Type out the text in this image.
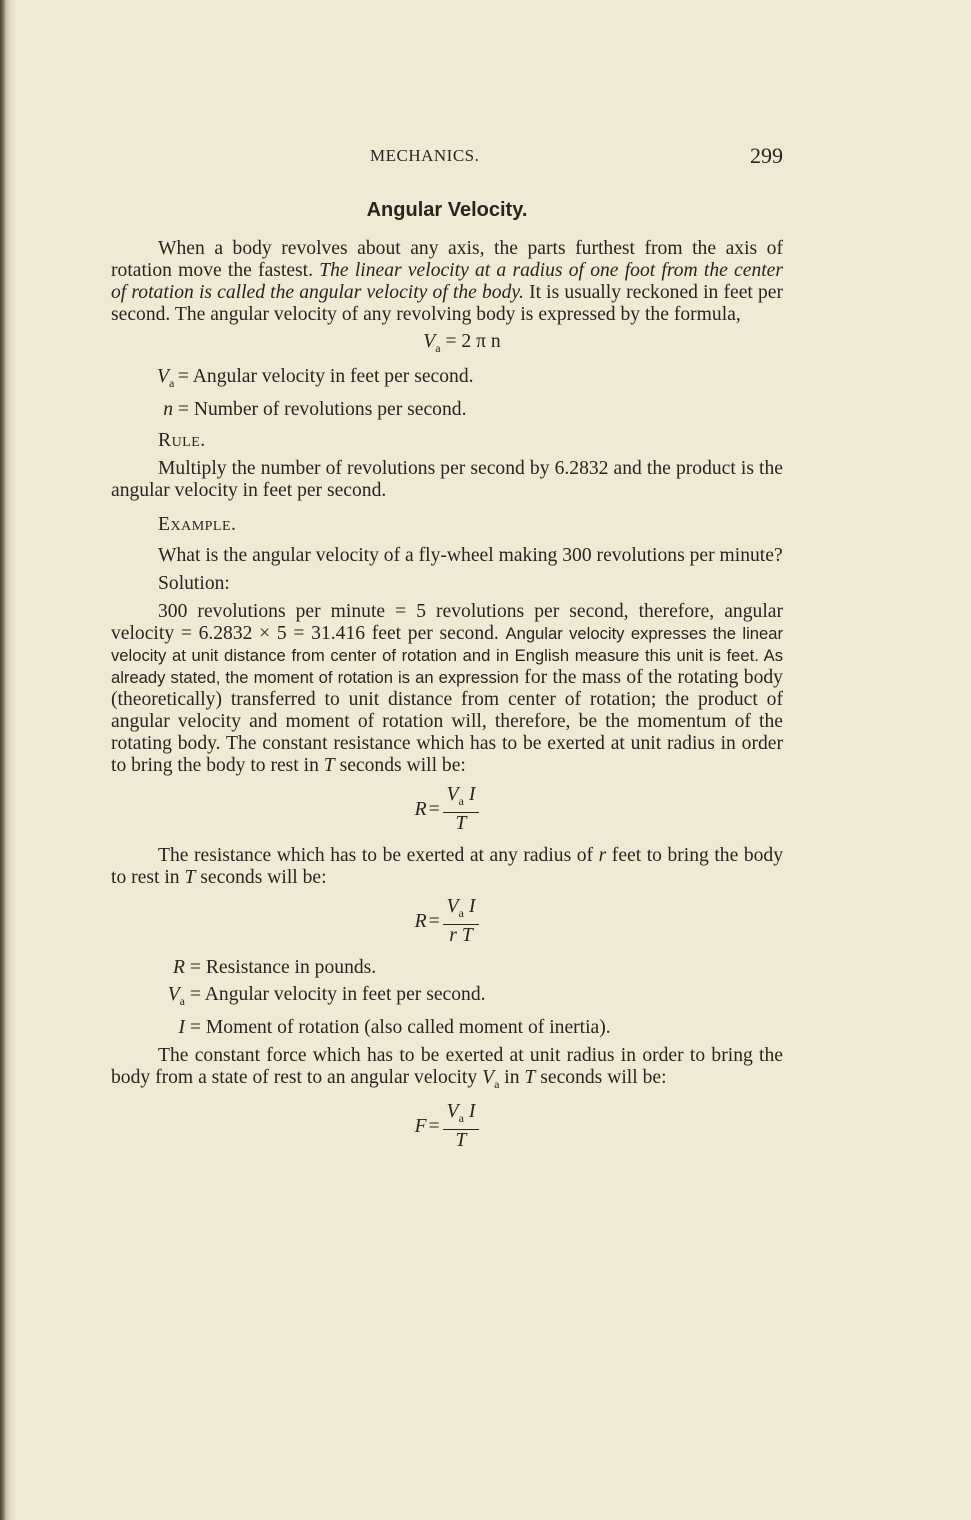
MECHANICS.	299
Angular Velocity.

When a body revolves about any axis, the parts furthest from the axis of rotation move the fastest. The linear velocity at a radius of one foot from the center of rotation is called the angular velocity of the body. It is usually reckoned in feet per second. The angular velocity of any revolving body is expressed by the formula,

$V_a = 2$ π n
$V_a$ = Angular velocity in feet per second.
n = Number of revolutions per second.

Rule.

Multiply the number of revolutions per second by 6.2832 and the product is the angular velocity in feet per second.

Example.

What is the angular velocity of a fly-wheel making 300 revolutions per minute?

Solution:

300 revolutions per minute = 5 revolutions per second, therefore, angular velocity = 6.2832 × 5 = 31.416 feet per second. Angular velocity expresses the linear velocity at unit distance from center of rotation and in English measure this unit is feet. As already stated, the moment of rotation is an expression for the mass of the rotating body (theoretically) transferred to unit distance from center of rotation; the product of angular velocity and moment of rotation will, therefore, be the momentum of the rotating body. The constant resistance which has to be exerted at unit radius in order to bring the body to rest in T seconds will be:

$R = \frac{V_a I}{T}$

The resistance which has to be exerted at any radius of r feet to bring the body to rest in T seconds will be:

$R = \frac{V_a I}{\text{r T}}$
R = Resistance in pounds.
$V_a$ = Angular velocity in feet per second.
I = Moment of rotation (also called moment of inertia).

The constant force which has to be exerted at unit radius in order to bring the body from a state of rest to an angular velocity $V_a$ in T seconds will be:

$F = \frac{V_a I}{T}$
